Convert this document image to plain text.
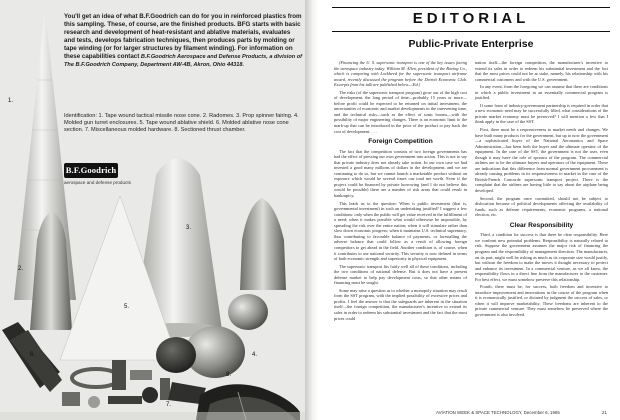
You'll get an idea of what B.F.Goodrich can do for you in reinforced plastics from this sampling. These, of course, are the finished products. BFG starts with basic research and development of heat-resistant and ablative materials, evaluates and tests, develops fabrication techniques, then produces parts by molding or tape winding (or for larger structures by filament winding). For information on these capabilities contact B.F.Goodrich Aerospace and Defense Products, a division of The B.F.Goodrich Company, Department AW-4B, Akron, Ohio 44318.

Identification: 1. Tape wound tactical missile nose cone. 2. Radomes. 3. Prop spinner fairing. 4. Molded gun turret enclosures. 5. Tape wound ablative shield. 6. Molded ablative nose cone section. 7. Miscellaneous molded hardware. 8. Sectioned thrust chamber.
B.F.Goodrich
aerospace and defense products
1.
2.
3.
4.
5.
6.
7.
8.
EDITORIAL
Public-Private Enterprise

(Financing the U. S. supersonic transport is one of the key issues facing the aerospace industry today. William M. Allen, president of the Boeing Co., which is competing with Lockheed for the supersonic transport airframe award, recently discussed the program before the Detroit Economic Club. Excerpts from his talk are published below.—Ed.)

The risks (of the supersonic transport program) grow out of the high cost of development, the long period of time—probably 15 years or more—before profit could be expected to be returned on initial investment, the uncertainties of economic and market developments in the intervening time, and the technical risks—such as the effect of sonic booms—with the possibility of major engineering changes. There is an economic limit to the mark-up that can be introduced in the price of the product to pay back the cost of development. . . .

Foreign Competition

The fact that the competition consists of two foreign governments has had the effect of pressing our own government into action. This is not to say that private industry does not already take action. In our own case we had invested a good many millions of dollars in the development, and we are continuing to do so, but we cannot launch a marketable product without an exposure which would be several times our total net worth. Even if the project could be financed by private borrowing (and I do not believe this would be possible) there are a number of risk areas that could result in bankruptcy.

This leads us to the question: When is public investment (that is, governmental investment) in such an undertaking justified? I suggest a few conditions: only when the public will get value received in the fulfillment of a need; when it makes possible what would otherwise be impossible, by spreading the risk over the entire nation; when it will stimulate rather than slow down economic progress; when it maintains U.S. technical supremacy, thus contributing to favorable balance of payments, or forestalling the adverse balance that could follow as a result of allowing foreign competitors to get ahead in the field. Another condition is, of course, when it contributes to our national security. This security is now defined in terms of both economic strength and superiority in physical equipment.

The supersonic transport fits fairly well all of these conditions, including the two conditions of national defense. But it does not have a present defense market to help pay development costs, so that other means of financing must be sought.

Some may raise a question as to whether a monopoly situation may result from the SST program, with the implied possibility of excessive prices and profits. I feel the answer is that the safeguards are inherent in the situation itself—the foreign competition, the manufacturer's incentive to extend its sales in order to redeem his substantial investment and the fact that the most prices could

nation itself—the foreign competition, the manufacturer's incentive to extend its sales in order to redeem his substantial investment and the fact that the most prices could not be at stake, namely, his relationship with his commercial customers and with the U.S. government.

In any event, from the foregoing we can assume that there are conditions in which a public investment in an essentially commercial program is justified.

If some form of industry-government partnership is required in order that a new economic need may be successfully filled, what considerations of the private market economy must be preserved? I will mention a few that I think apply in the case of the SST.

First, there must be a responsiveness to market needs and changes. We have built many products for the government, but up to now the government—a sophisticated buyer of the National Aeronautics and Space Administration—has been both the buyer and the ultimate operator of the equipment. In the case of the SST, the government is not the user, even though it may have the role of sponsor of the program. The commercial airlines are to be the ultimate buyers and operators of the equipment. These are indications that this difference from normal government procurement is already causing problems in its responsiveness to market in the case of the British-French Concorde supersonic transport project. There is the complaint that the airlines are having little to say about the airplane being developed.

Second, the program once committed, should not be subject to dislocation because of political developments affecting the availability of funds, such as defense requirements, economic programs, a national election, etc.

Clear Responsibility

Third, a condition for success is that there be clear responsibility. Here we confront new potential problems. Responsibility is naturally related to risk. Suppose the government assumes the major risk of financing the program and the responsibility of management direction. The manufacturer, on its part, might well be risking as much as its corporate size would justify, but without the freedom to make the moves it thought necessary to protect and enhance its investment. In a commercial venture, as we all know, the responsibility flows in a direct line from the manufacturer to the customer. For best effect, we must somehow preserve this relationship.

Fourth, there must be, for success, both freedom and incentive to introduce improvement and innovations in the course of the program when it is economically justified, or dictated by judgment the success of sales, or when it will improve marketability. These freedoms are inherent to the private commercial venture. They must somehow be preserved where the government is also involved.

AVIATION WEEK & SPACE TECHNOLOGY, December 6, 1965	21
